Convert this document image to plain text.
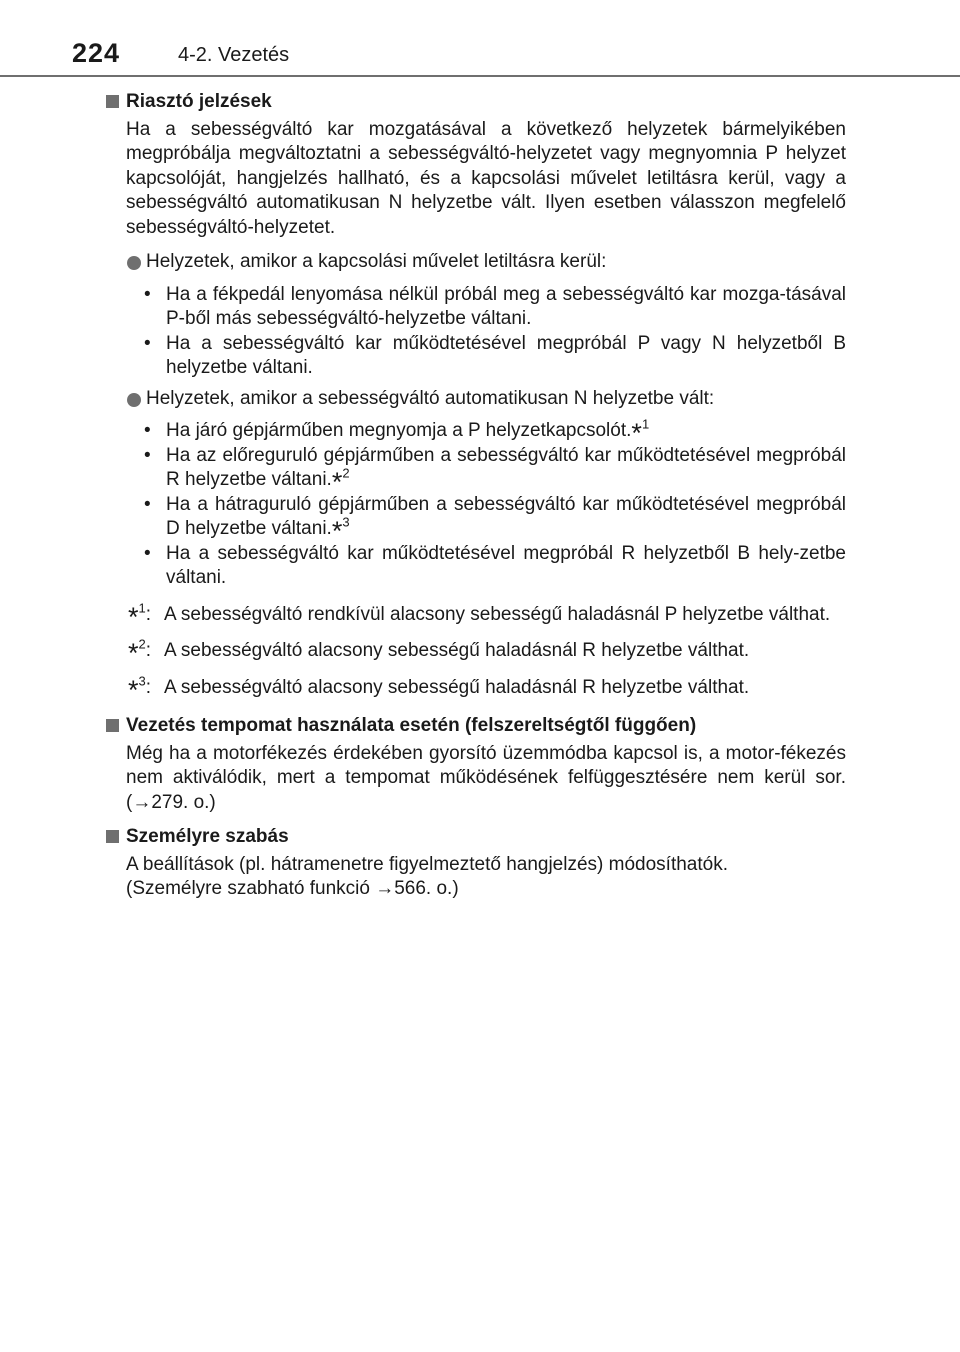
224	4-2. Vezetés
Riasztó jelzések
Ha a sebességváltó kar mozgatásával a következő helyzetek bármelyikében megpróbálja megváltoztatni a sebességváltó-helyzetet vagy megnyomnia P helyzet kapcsolóját, hangjelzés hallható, és a kapcsolási művelet letiltásra kerül, vagy a sebességváltó automatikusan N helyzetbe vált. Ilyen esetben válasszon megfelelő sebességváltó-helyzetet.
Helyzetek, amikor a kapcsolási művelet letiltásra kerül:
• Ha a fékpedál lenyomása nélkül próbál meg a sebességváltó kar mozga-tásával P-ből más sebességváltó-helyzetbe váltani.
• Ha a sebességváltó kar működtetésével megpróbál P vagy N helyzetből B helyzetbe váltani.
Helyzetek, amikor a sebességváltó automatikusan N helyzetbe vált:
• Ha járó gépjárműben megnyomja a P helyzetkapcsolót.*$^1$
• Ha az előreguruló gépjárműben a sebességváltó kar működtetésével megpróbál R helyzetbe váltani.*$^2$
• Ha a hátraguruló gépjárműben a sebességváltó kar működtetésével megpróbál D helyzetbe váltani.*$^3$
• Ha a sebességváltó kar működtetésével megpróbál R helyzetből B hely-zetbe váltani.
*$^1$: A sebességváltó rendkívül alacsony sebességű haladásnál P helyzetbe válthat.
*$^2$: A sebességváltó alacsony sebességű haladásnál R helyzetbe válthat.
*$^3$: A sebességváltó alacsony sebességű haladásnál R helyzetbe válthat.
Vezetés tempomat használata esetén (felszereltségtől függően)
Még ha a motorfékezés érdekében gyorsító üzemmódba kapcsol is, a motor-fékezés nem aktiválódik, mert a tempomat működésének felfüggesztésére nem kerül sor. (→279. o.)
Személyre szabás
A beállítások (pl. hátramenetre figyelmeztető hangjelzés) módosíthatók.
(Személyre szabható funkció →566. o.)
